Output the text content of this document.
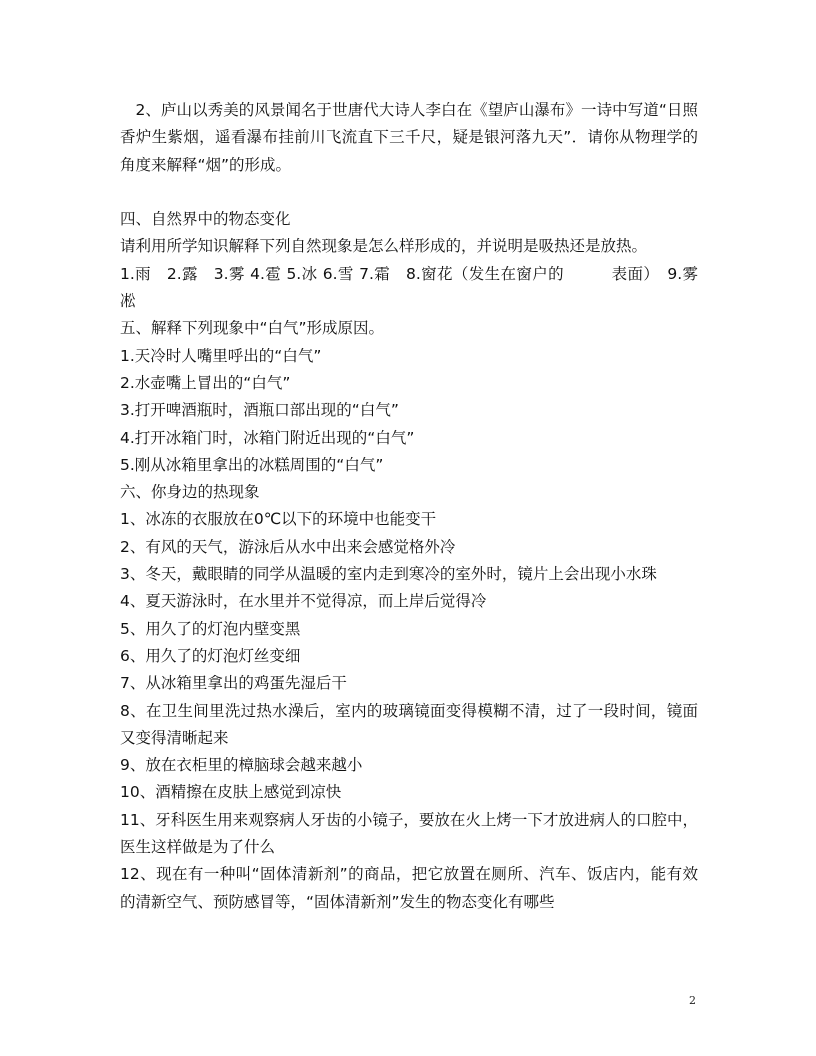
2、庐山以秀美的风景闻名于世唐代大诗人李白在《望庐山瀑布》一诗中写道“日照香炉生紫烟，遥看瀑布挂前川飞流直下三千尺，疑是银河落九天”．请你从物理学的角度来解释“烟”的形成。

四、自然界中的物态变化

请利用所学知识解释下列自然现象是怎么样形成的，并说明是吸热还是放热。

1.雨　2.露　3.雾 4.雹 5.冰 6.雪 7.霜　8.窗花（发生在窗户的　　　表面）　9.雾凇

五、解释下列现象中“白气”形成原因。

1.天冷时人嘴里呼出的“白气”

2.水壶嘴上冒出的“白气”

3.打开啤酒瓶时，酒瓶口部出现的“白气”

4.打开冰箱门时，冰箱门附近出现的“白气”

5.刚从冰箱里拿出的冰糕周围的“白气”

六、你身边的热现象

1、冰冻的衣服放在0℃以下的环境中也能变干

2、有风的天气，游泳后从水中出来会感觉格外冷

3、冬天，戴眼睛的同学从温暖的室内走到寒冷的室外时，镜片上会出现小水珠

4、夏天游泳时，在水里并不觉得凉，而上岸后觉得冷

5、用久了的灯泡内壁变黑

6、用久了的灯泡灯丝变细

7、从冰箱里拿出的鸡蛋先湿后干

8、在卫生间里洗过热水澡后，室内的玻璃镜面变得模糊不清，过了一段时间，镜面又变得清晰起来

9、放在衣柜里的樟脑球会越来越小

10、酒精擦在皮肤上感觉到凉快

11、牙科医生用来观察病人牙齿的小镜子，要放在火上烤一下才放进病人的口腔中，医生这样做是为了什么

12、现在有一种叫“固体清新剂”的商品，把它放置在厕所、汽车、饭店内，能有效的清新空气、预防感冒等，“固体清新剂”发生的物态变化有哪些

2
